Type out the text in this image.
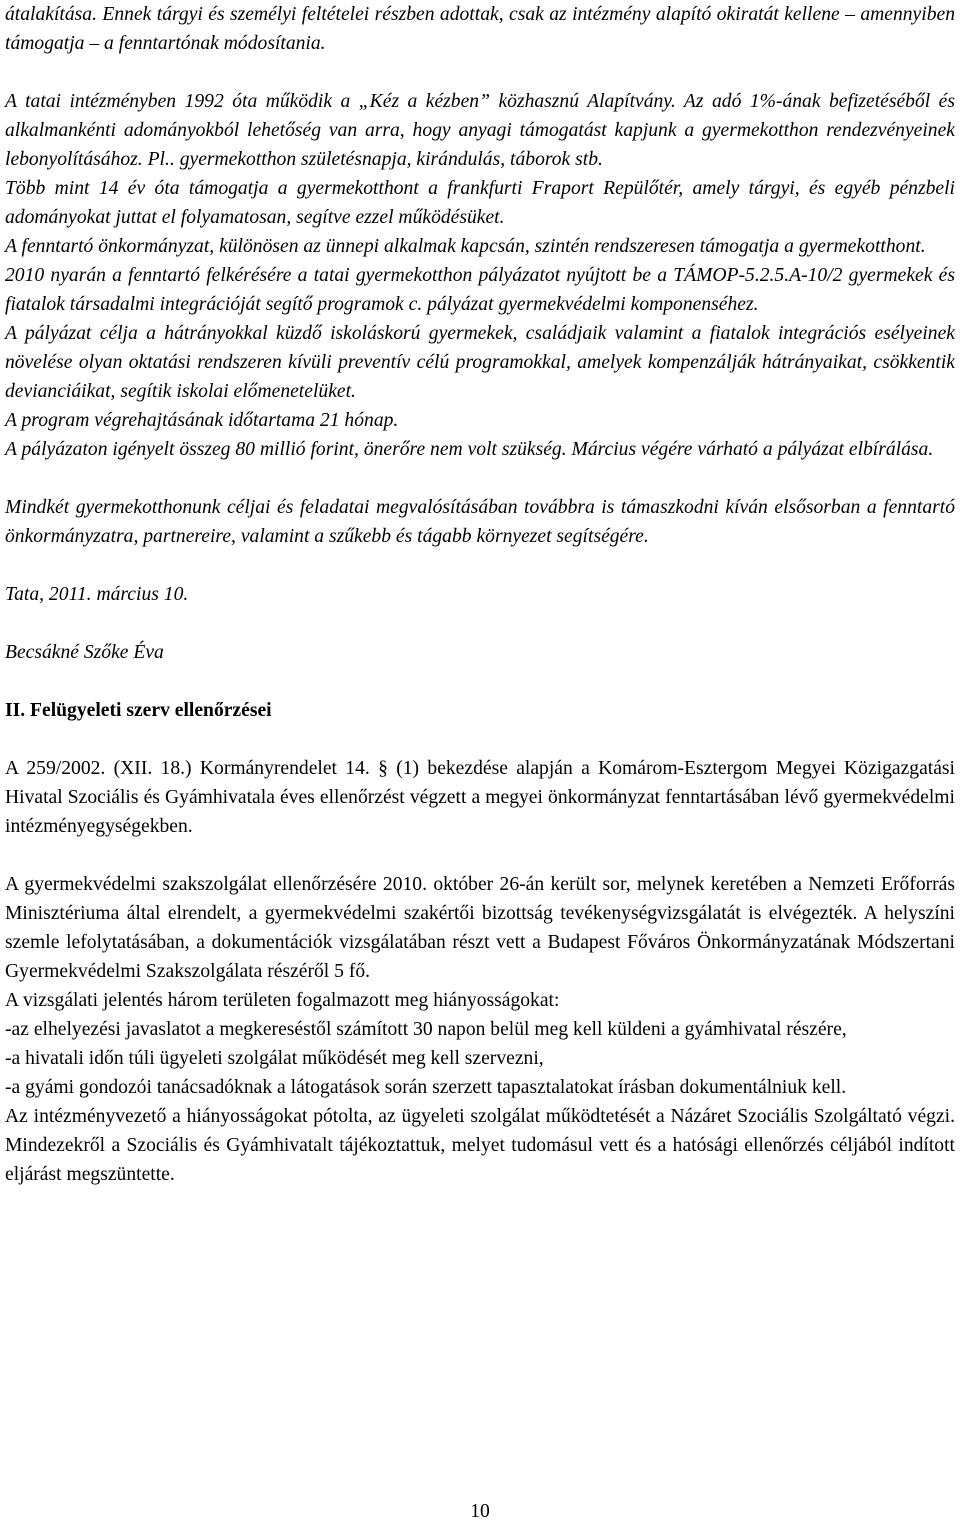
átalakítása. Ennek tárgyi és személyi feltételei részben adottak, csak az intézmény alapító okiratát kellene – amennyiben támogatja – a fenntartónak módosítania.

A tatai intézményben 1992 óta működik a „Kéz a kézben” közhasznú Alapítvány. Az adó 1%-ának befizetéséből és alkalmankénti adományokból lehetőség van arra, hogy anyagi támogatást kapjunk a gyermekotthon rendezvényeinek lebonyolításához. Pl.. gyermekotthon születésnapja, kirándulás, táborok stb.

Több mint 14 év óta támogatja a gyermekotthont a frankfurti Fraport Repülőtér, amely tárgyi, és egyéb pénzbeli adományokat juttat el folyamatosan, segítve ezzel működésüket.

A fenntartó önkormányzat, különösen az ünnepi alkalmak kapcsán, szintén rendszeresen támogatja a gyermekotthont.

2010 nyarán a fenntartó felkérésére a tatai gyermekotthon pályázatot nyújtott be a TÁMOP-5.2.5.A-10/2 gyermekek és fiatalok társadalmi integrációját segítő programok c. pályázat gyermekvédelmi komponenséhez.

A pályázat célja a hátrányokkal küzdő iskoláskorú gyermekek, családjaik valamint a fiatalok integrációs esélyeinek növelése olyan oktatási rendszeren kívüli preventív célú programokkal, amelyek kompenzálják hátrányaikat, csökkentik devianciáikat, segítik iskolai előmenetelüket.

A program végrehajtásának időtartama 21 hónap.

A pályázaton igényelt összeg 80 millió forint, önerőre nem volt szükség. Március végére várható a pályázat elbírálása.

Mindkét gyermekotthonunk céljai és feladatai megvalósításában továbbra is támaszkodni kíván elsősorban a fenntartó önkormányzatra, partnereire, valamint a szűkebb és tágabb környezet segítségére.

Tata, 2011. március 10.

Becsákné Szőke Éva

II. Felügyeleti szerv ellenőrzései

A 259/2002. (XII. 18.) Kormányrendelet 14. § (1) bekezdése alapján a Komárom-Esztergom Megyei Közigazgatási Hivatal Szociális és Gyámhivatala éves ellenőrzést végzett a megyei önkormányzat fenntartásában lévő gyermekvédelmi intézményegységekben.

A gyermekvédelmi szakszolgálat ellenőrzésére 2010. október 26-án került sor, melynek keretében a Nemzeti Erőforrás Minisztériuma által elrendelt, a gyermekvédelmi szakértői bizottság tevékenységvizsgálatát is elvégezték. A helyszíni szemle lefolytatásában, a dokumentációk vizsgálatában részt vett a Budapest Főváros Önkormányzatának Módszertani Gyermekvédelmi Szakszolgálata részéről 5 fő.

A vizsgálati jelentés három területen fogalmazott meg hiányosságokat:

-az elhelyezési javaslatot a megkereséstől számított 30 napon belül meg kell küldeni a gyámhivatal részére,

-a hivatali időn túli ügyeleti szolgálat működését meg kell szervezni,

-a gyámi gondozói tanácsadóknak a látogatások során szerzett tapasztalatokat írásban dokumentálniuk kell.

Az intézményvezető a hiányosságokat pótolta, az ügyeleti szolgálat működtetését a Názáret Szociális Szolgáltató végzi. Mindezekről a Szociális és Gyámhivatalt tájékoztattuk, melyet tudomásul vett és a hatósági ellenőrzés céljából indított eljárást megszüntette.

10
